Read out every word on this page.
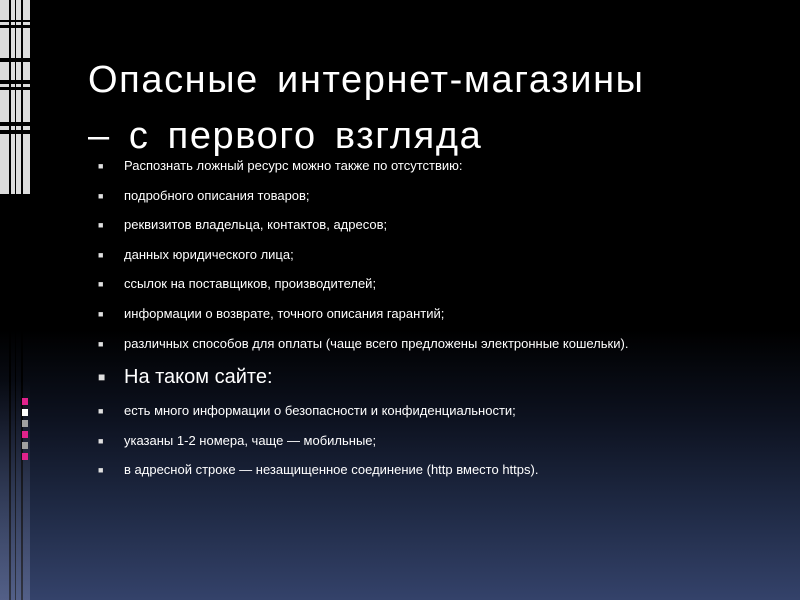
Опасные интернет-магазины
– с первого взгляда
■ Распознать ложный ресурс можно также по отсутствию:
■ подробного описания товаров;
■ реквизитов владельца, контактов, адресов;
■ данных юридического лица;
■ ссылок на поставщиков, производителей;
■ информации о возврате, точного описания гарантий;
■ различных способов для оплаты (чаще всего предложены электронные кошельки).
■ На таком сайте:
■ есть много информации о безопасности и конфиденциальности;
■ указаны 1-2 номера, чаще — мобильные;
■ в адресной строке — незащищенное соединение (http вместо https).
